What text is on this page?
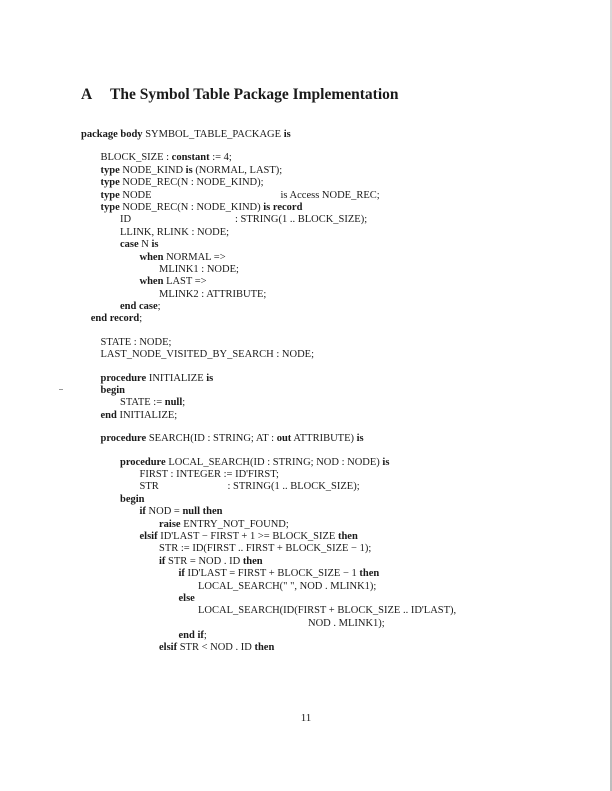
A The Symbol Table Package Implementation
package body SYMBOL_TABLE_PACKAGE is
BLOCK_SIZE : constant := 4;
type NODE_KIND is (NORMAL, LAST);
type NODE_REC(N : NODE_KIND);
type NODE	is Access NODE_REC;
type NODE_REC(N : NODE_KIND) is record
ID	: STRING(1 .. BLOCK_SIZE);
LLINK, RLINK : NODE;
case N is
when NORMAL =>
MLINK1 : NODE;
when LAST =>
MLINK2 : ATTRIBUTE;
end case;
end record;
STATE : NODE;
LAST_NODE_VISITED_BY_SEARCH : NODE;
procedure INITIALIZE is
begin
STATE := null;
end INITIALIZE;
procedure SEARCH(ID : STRING; AT : out ATTRIBUTE) is
procedure LOCAL_SEARCH(ID : STRING; NOD : NODE) is
FIRST : INTEGER := ID'FIRST;
STR	: STRING(1 .. BLOCK_SIZE);
begin
if NOD = null then
raise ENTRY_NOT_FOUND;
elsif ID'LAST − FIRST + 1 >= BLOCK_SIZE then
STR := ID(FIRST .. FIRST + BLOCK_SIZE − 1);
if STR = NOD . ID then
if ID'LAST = FIRST + BLOCK_SIZE − 1 then
LOCAL_SEARCH(" ", NOD . MLINK1);
else
LOCAL_SEARCH(ID(FIRST + BLOCK_SIZE .. ID'LAST),
NOD . MLINK1);
end if;
elsif STR < NOD . ID then
11
